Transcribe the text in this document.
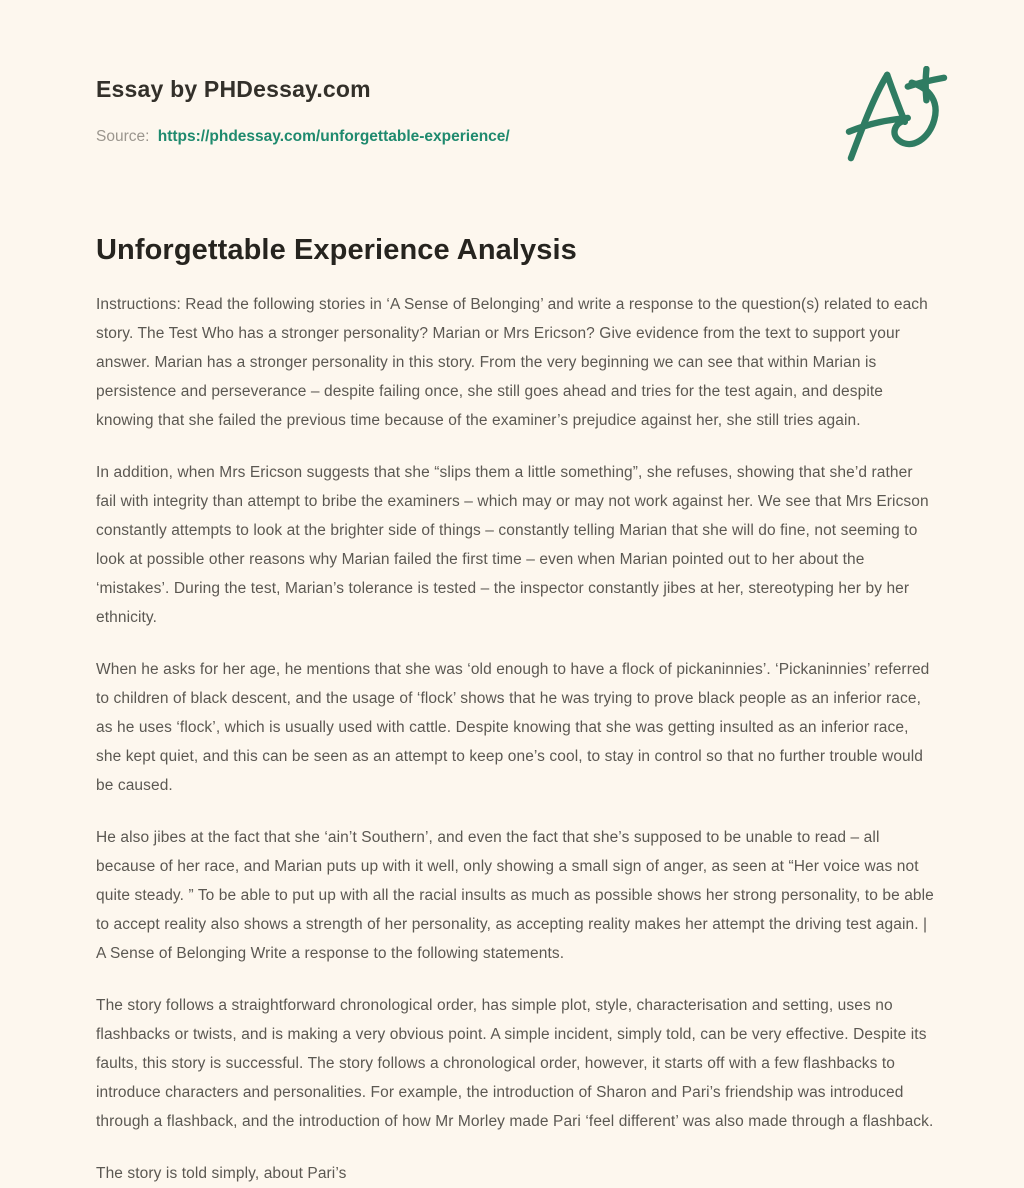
Essay by PHDessay.com
Source: https://phdessay.com/unforgettable-experience/
Unforgettable Experience Analysis

Instructions: Read the following stories in ‘A Sense of Belonging’ and write a response to the question(s) related to each story. The Test Who has a stronger personality? Marian or Mrs Ericson? Give evidence from the text to support your answer. Marian has a stronger personality in this story. From the very beginning we can see that within Marian is persistence and perseverance – despite failing once, she still goes ahead and tries for the test again, and despite knowing that she failed the previous time because of the examiner’s prejudice against her, she still tries again.

In addition, when Mrs Ericson suggests that she “slips them a little something”, she refuses, showing that she’d rather fail with integrity than attempt to bribe the examiners – which may or may not work against her. We see that Mrs Ericson constantly attempts to look at the brighter side of things – constantly telling Marian that she will do fine, not seeming to look at possible other reasons why Marian failed the first time – even when Marian pointed out to her about the ‘mistakes’. During the test, Marian’s tolerance is tested – the inspector constantly jibes at her, stereotyping her by her ethnicity.

When he asks for her age, he mentions that she was ‘old enough to have a flock of pickaninnies’. ‘Pickaninnies’ referred to children of black descent, and the usage of ‘flock’ shows that he was trying to prove black people as an inferior race, as he uses ‘flock’, which is usually used with cattle. Despite knowing that she was getting insulted as an inferior race, she kept quiet, and this can be seen as an attempt to keep one’s cool, to stay in control so that no further trouble would be caused.

He also jibes at the fact that she ‘ain’t Southern’, and even the fact that she’s supposed to be unable to read – all because of her race, and Marian puts up with it well, only showing a small sign of anger, as seen at “Her voice was not quite steady. ” To be able to put up with all the racial insults as much as possible shows her strong personality, to be able to accept reality also shows a strength of her personality, as accepting reality makes her attempt the driving test again. | A Sense of Belonging Write a response to the following statements.

The story follows a straightforward chronological order, has simple plot, style, characterisation and setting, uses no flashbacks or twists, and is making a very obvious point. A simple incident, simply told, can be very effective. Despite its faults, this story is successful. The story follows a chronological order, however, it starts off with a few flashbacks to introduce characters and personalities. For example, the introduction of Sharon and Pari’s friendship was introduced through a flashback, and the introduction of how Mr Morley made Pari ‘feel different’ was also made through a flashback.

The story is told simply, about Pari’s
